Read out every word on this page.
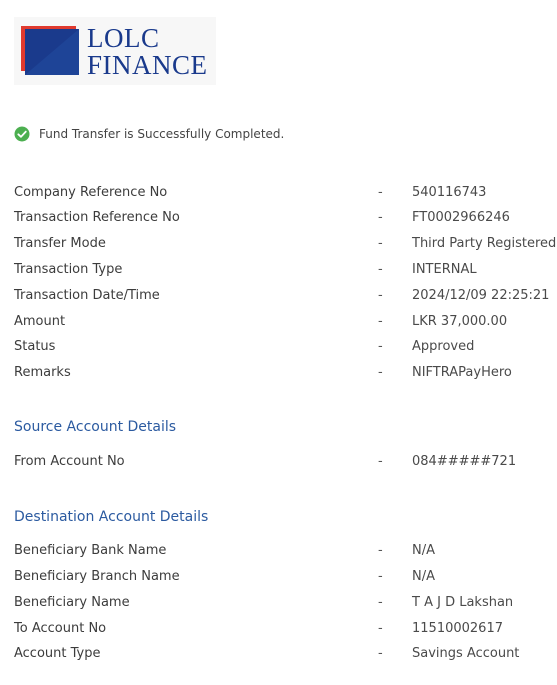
LOLC
FINANCE
Fund Transfer is Successfully Completed.
Company Reference No	- 540116743
Transaction Reference No	- FT0002966246
Transfer Mode	- Third Party Registered
Transaction Type	- INTERNAL
Transaction Date/Time	- 2024/12/09 22:25:21
Amount	- LKR 37,000.00
Status	- Approved
Remarks	- NIFTRAPayHero
Source Account Details
From Account No	- 084#####721
Destination Account Details
Beneficiary Bank Name	- N/A
Beneficiary Branch Name	- N/A
Beneficiary Name	- T A J D Lakshan
To Account No	- 11510002617
Account Type	- Savings Account
